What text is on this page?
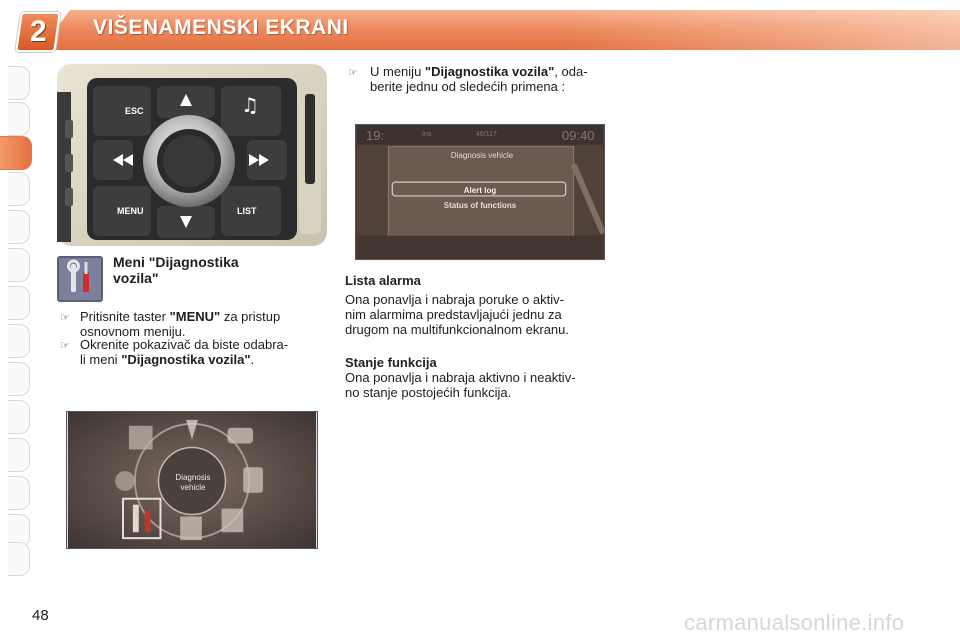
2 VIŠENAMENSKI EKRANI
♫
ESC
MENU	LIST
Meni "Dijagnostika vozila"
☞ Pritisnite taster "MENU" za pristup
osnovnom meniju.
☞ Okrenite pokazivač da biste odabra-
li meni "Dijagnostika vozila".
Diagnosis
vehicle
☞ U meniju "Dijagnostika vozila", oda-
berite jednu od sledećih primena :
19:	Ins	46/117	09:40
Diagnosis vehicle
Alert log
Status of functions
Lista alarma
Ona ponavlja i nabraja poruke o aktiv-
nim alarmima predstavljajući jednu za
drugom na multifunkcionalnom ekranu.
Stanje funkcija
Ona ponavlja i nabraja aktivno i neaktiv-
no stanje postojećih funkcija.
48	carmanualsonline.info
